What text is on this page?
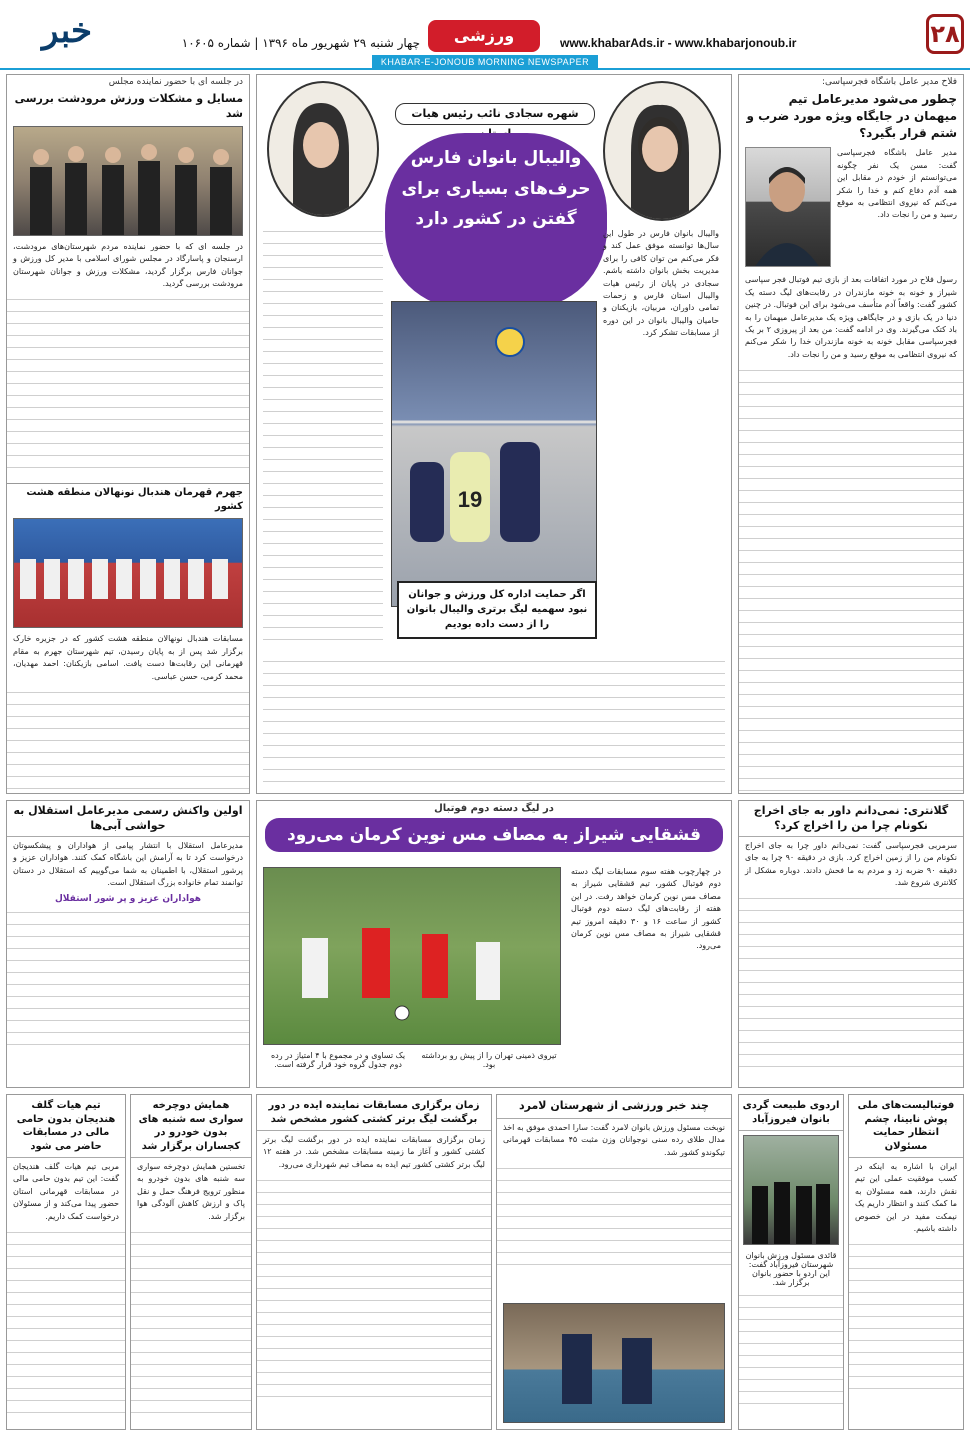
۲۸
www.khabarAds.ir - www.khabarjonoub.ir
ورزشی
چهار شنبه ۲۹ شهریور ماه ۱۳۹۶ | شماره ۱۰۶۰۵
خبر
KHABAR-E-JONOUB MORNING NEWSPAPER
فلاح مدیر عامل باشگاه فجرسپاسی:
چطور می‌شود مدیرعامل تیم میهمان در جایگاه ویژه مورد ضرب و شتم قرار بگیرد؟
مدیر عامل باشگاه فجرسپاسی گفت: مسن یک نفر چگونه می‌توانستم از خودم در مقابل این همه آدم دفاع کنم و خدا را شکر می‌کنم که نیروی انتظامی به موقع رسید و من را نجات داد.
رسول فلاح در مورد اتفاقات بعد از بازی تیم فوتبال فجر سپاسی شیراز و خونه به خونه مازندران در رقابت‌های لیگ دسته یک کشور گفت: واقعاً آدم متأسف می‌شود برای این فوتبال. در چنین دنیا در یک بازی و در جایگاهی ویژه یک مدیرعامل میهمان را به باد کتک می‌گیرند. وی در ادامه گفت: من بعد از پیروزی ۲ بر یک فجرسپاسی مقابل خونه به خونه مازندران خدا را شکر می‌کنم که نیروی انتظامی به موقع رسید و من را نجات داد.
شهره سجادی نائب رئیس هیات
والیبال بانوان فارس حرف‌های بسیاری برای گفتن در کشور دارد
19
اگر حمایت اداره کل ورزش و جوانان نبود سهمیه لیگ برتری والیبال بانوان را از دست داده بودیم
والیبال بانوان فارس در طول این سال‌ها توانسته موفق عمل کند و فکر می‌کنم من توان کافی را برای مدیریت بخش بانوان داشته باشم. سجادی در پایان از رئیس هیات والیبال استان فارس و زحمات تمامی داوران، مربیان، بازیکنان و حامیان والیبال بانوان در این دوره از مسابقات تشکر کرد.
در جلسه ای با حضور نماینده مجلس
مسایل و مشکلات ورزش مرودشت بررسی شد
در جلسه ای که با حضور نماینده مردم شهرستان‌های مرودشت، ارسنجان و پاسارگاد در مجلس شورای اسلامی با مدیر کل ورزش و جوانان فارس برگزار گردید، مشکلات ورزش و جوانان شهرستان مرودشت بررسی گردید.
جهرم قهرمان هندبال نونهالان منطقه هشت کشور
مسابقات هندبال نونهالان منطقه هشت کشور که در جزیره خارک برگزار شد پس از به پایان رسیدن، تیم شهرستان جهرم به مقام قهرمانی این رقابت‌ها دست یافت. اسامی بازیکنان: احمد مهدیان، محمد کرمی، حسن عباسی.
در لیگ دسته دوم فوتبال
قشقایی شیراز به مصاف مس نوین کرمان می‌رود
در چهارچوب هفته سوم مسابقات لیگ دسته دوم فوتبال کشور، تیم قشقایی شیراز به مصاف مس نوین کرمان خواهد رفت. در این هفته از رقابت‌های لیگ دسته دوم فوتبال کشور از ساعت ۱۶ و ۳۰ دقیقه امروز تیم قشقایی شیراز به مصاف مس نوین کرمان می‌رود.
تیروی ذمینی تهران را از پیش رو برداشته بود.
یک تساوی و در مجموع با ۴ امتیاز در رده دوم جدول گروه خود قرار گرفته است.
گلانتری: نمی‌دانم داور به جای اخراج نکونام چرا من را اخراج کرد؟
سرمربی فجرسپاسی گفت: نمی‌دانم داور چرا به جای اخراج نکونام من را از زمین اخراج کرد. بازی در دقیقه ۹۰ چرا به جای دقیقه ۹۰ ضربه زد و مردم به ما فحش دادند. دوباره مشکل از کلانتری شروع شد.
اولین واکنش رسمی مدیرعامل استقلال به حواشی آبی‌ها
مدیرعامل استقلال با انتشار پیامی از هواداران و پیشکسوتان درخواست کرد تا به آرامش این باشگاه کمک کنند. هواداران عزیز و پرشور استقلال، با اطمینان به شما می‌گوییم که استقلال در دستان توانمند تمام خانواده بزرگ استقلال است.
هواداران عزیز و پر شور استقلال
فوتبالیست‌های ملی پوش نابینا، چشم انتظار حمایت مسئولان
ایران با اشاره به اینکه در کسب موفقیت عملی این تیم نقش دارند، همه مسئولان به ما کمک کنند و انتظار داریم یک نیمکت مفید در این خصوص داشته باشیم.
اردوی طبیعت گردی بانوان فیروزآباد
قائدی مسئول ورزش بانوان شهرستان فیروزآباد گفت: این اردو با حضور بانوان برگزار شد.
چند خبر ورزشی از شهرستان لامرد
نوبخت مسئول ورزش بانوان لامرد گفت: سارا احمدی موفق به اخذ مدال طلای رده سنی نوجوانان وزن مثبت ۴۵ مسابقات قهرمانی تیکوندو کشور شد.
زمان برگزاری مسابقات نماینده ایده در دور برگشت لیگ برتر کشتی کشور مشخص شد
زمان برگزاری مسابقات نماینده ایده در دور برگشت لیگ برتر کشتی کشور و آغاز ما زمینه مسابقات مشخص شد. در هفته ۱۲ لیگ برتر کشتی کشور تیم ایده به مصاف تیم شهرداری می‌رود.
همایش دوچرخه سواری سه شنبه های بدون خودرو در کجساران برگزار شد
تخستین همایش دوچرخه سواری سه شنبه های بدون خودرو به منظور ترویج فرهنگ حمل و نقل پاک و ارزش کاهش آلودگی هوا برگزار شد.
تیم هیات گلف هندیجان بدون حامی مالی در مسابقات حاضر می شود
مربی تیم هیات گلف هندیجان گفت: این تیم بدون حامی مالی در مسابقات قهرمانی استان حضور پیدا می‌کند و از مسئولان درخواست کمک داریم.
